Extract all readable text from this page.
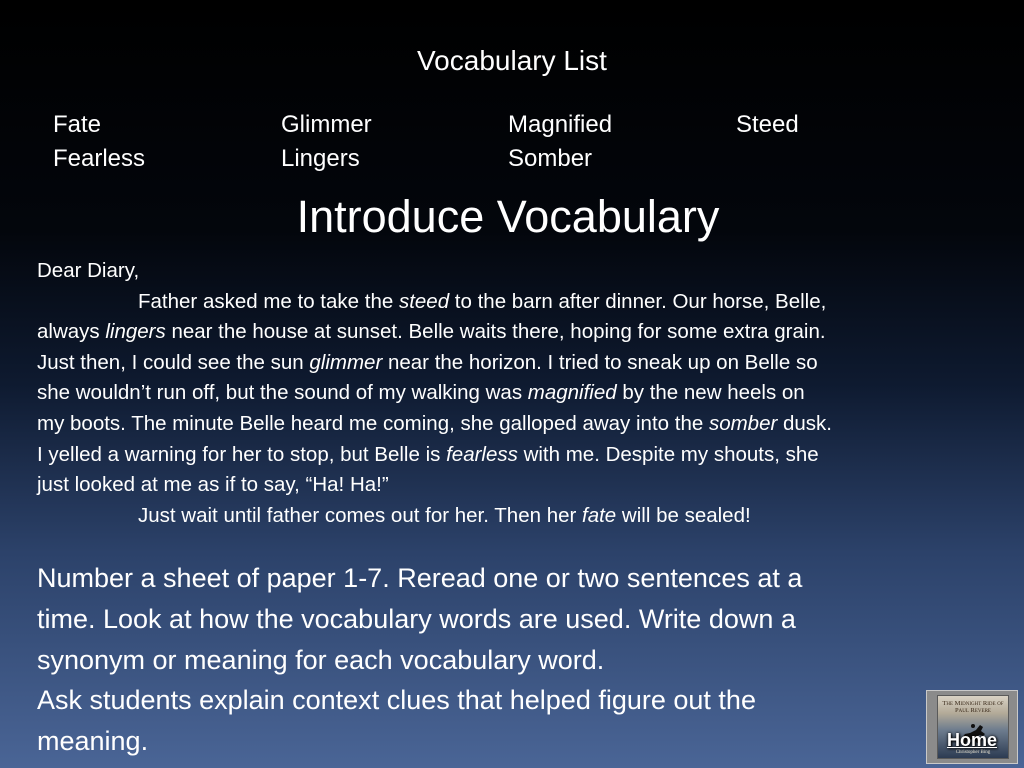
Vocabulary List
Fate	Glimmer	Magnified	Steed
Fearless	Lingers	Somber
Introduce Vocabulary
Dear Diary,
Father asked me to take the steed to the barn after dinner. Our horse, Belle,
always lingers near the house at sunset. Belle waits there, hoping for some extra grain.
Just then, I could see the sun glimmer near the horizon. I tried to sneak up on Belle so
she wouldn’t run off, but the sound of my walking was magnified by the new heels on
my boots. The minute Belle heard me coming, she galloped away into the somber dusk.
I yelled a warning for her to stop, but Belle is fearless with me. Despite my shouts, she
just looked at me as if to say, “Ha! Ha!”
Just wait until father comes out for her. Then her fate will be sealed!
Number a sheet of paper 1-7. Reread one or two sentences at a
time. Look at how the vocabulary words are used. Write down a
synonym or meaning for each vocabulary word.
Ask students explain context clues that helped figure out the
meaning.
The Midnight Ride of Paul Revere
Christopher Bing
Home
